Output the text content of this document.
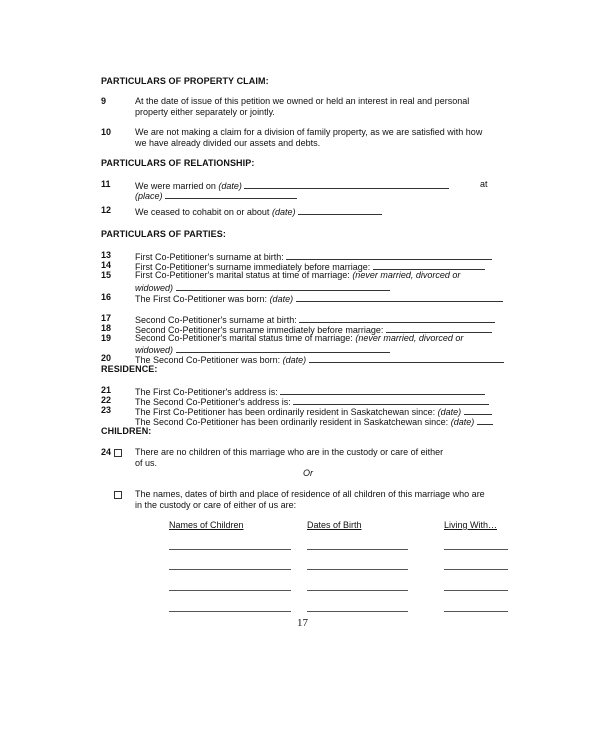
PARTICULARS OF PROPERTY CLAIM:
9	At the date of issue of this petition we owned or held an interest in real and personal
property either separately or jointly.
10	We are not making a claim for a division of family property, as we are satisfied with how
we have already divided our assets and debts.
PARTICULARS OF RELATIONSHIP:
11	We were married on (date)	at
(place)
12	We ceased to cohabit on or about (date)
PARTICULARS OF PARTIES:
13	First Co-Petitioner's surname at birth:
14	First Co-Petitioner's surname immediately before marriage:
15	First Co-Petitioner's marital status at time of marriage: (never married, divorced or
widowed)
16	The First Co-Petitioner was born: (date)
17	Second Co-Petitioner's surname at birth:
18	Second Co-Petitioner's surname immediately before marriage:
19	Second Co-Petitioner's marital status time of marriage: (never married, divorced or
widowed)
20	The Second Co-Petitioner was born: (date)
RESIDENCE:
21	The First Co-Petitioner's address is:
22	The Second Co-Petitioner's address is:
23	The First Co-Petitioner has been ordinarily resident in Saskatchewan since: (date)
The Second Co-Petitioner has been ordinarily resident in Saskatchewan since: (date)
CHILDREN:
24	There are no children of this marriage who are in the custody or care of either
of us.
Or
The names, dates of birth and place of residence of all children of this marriage who are
in the custody or care of either of us are:
Names of Children	Dates of Birth	Living With…
17
